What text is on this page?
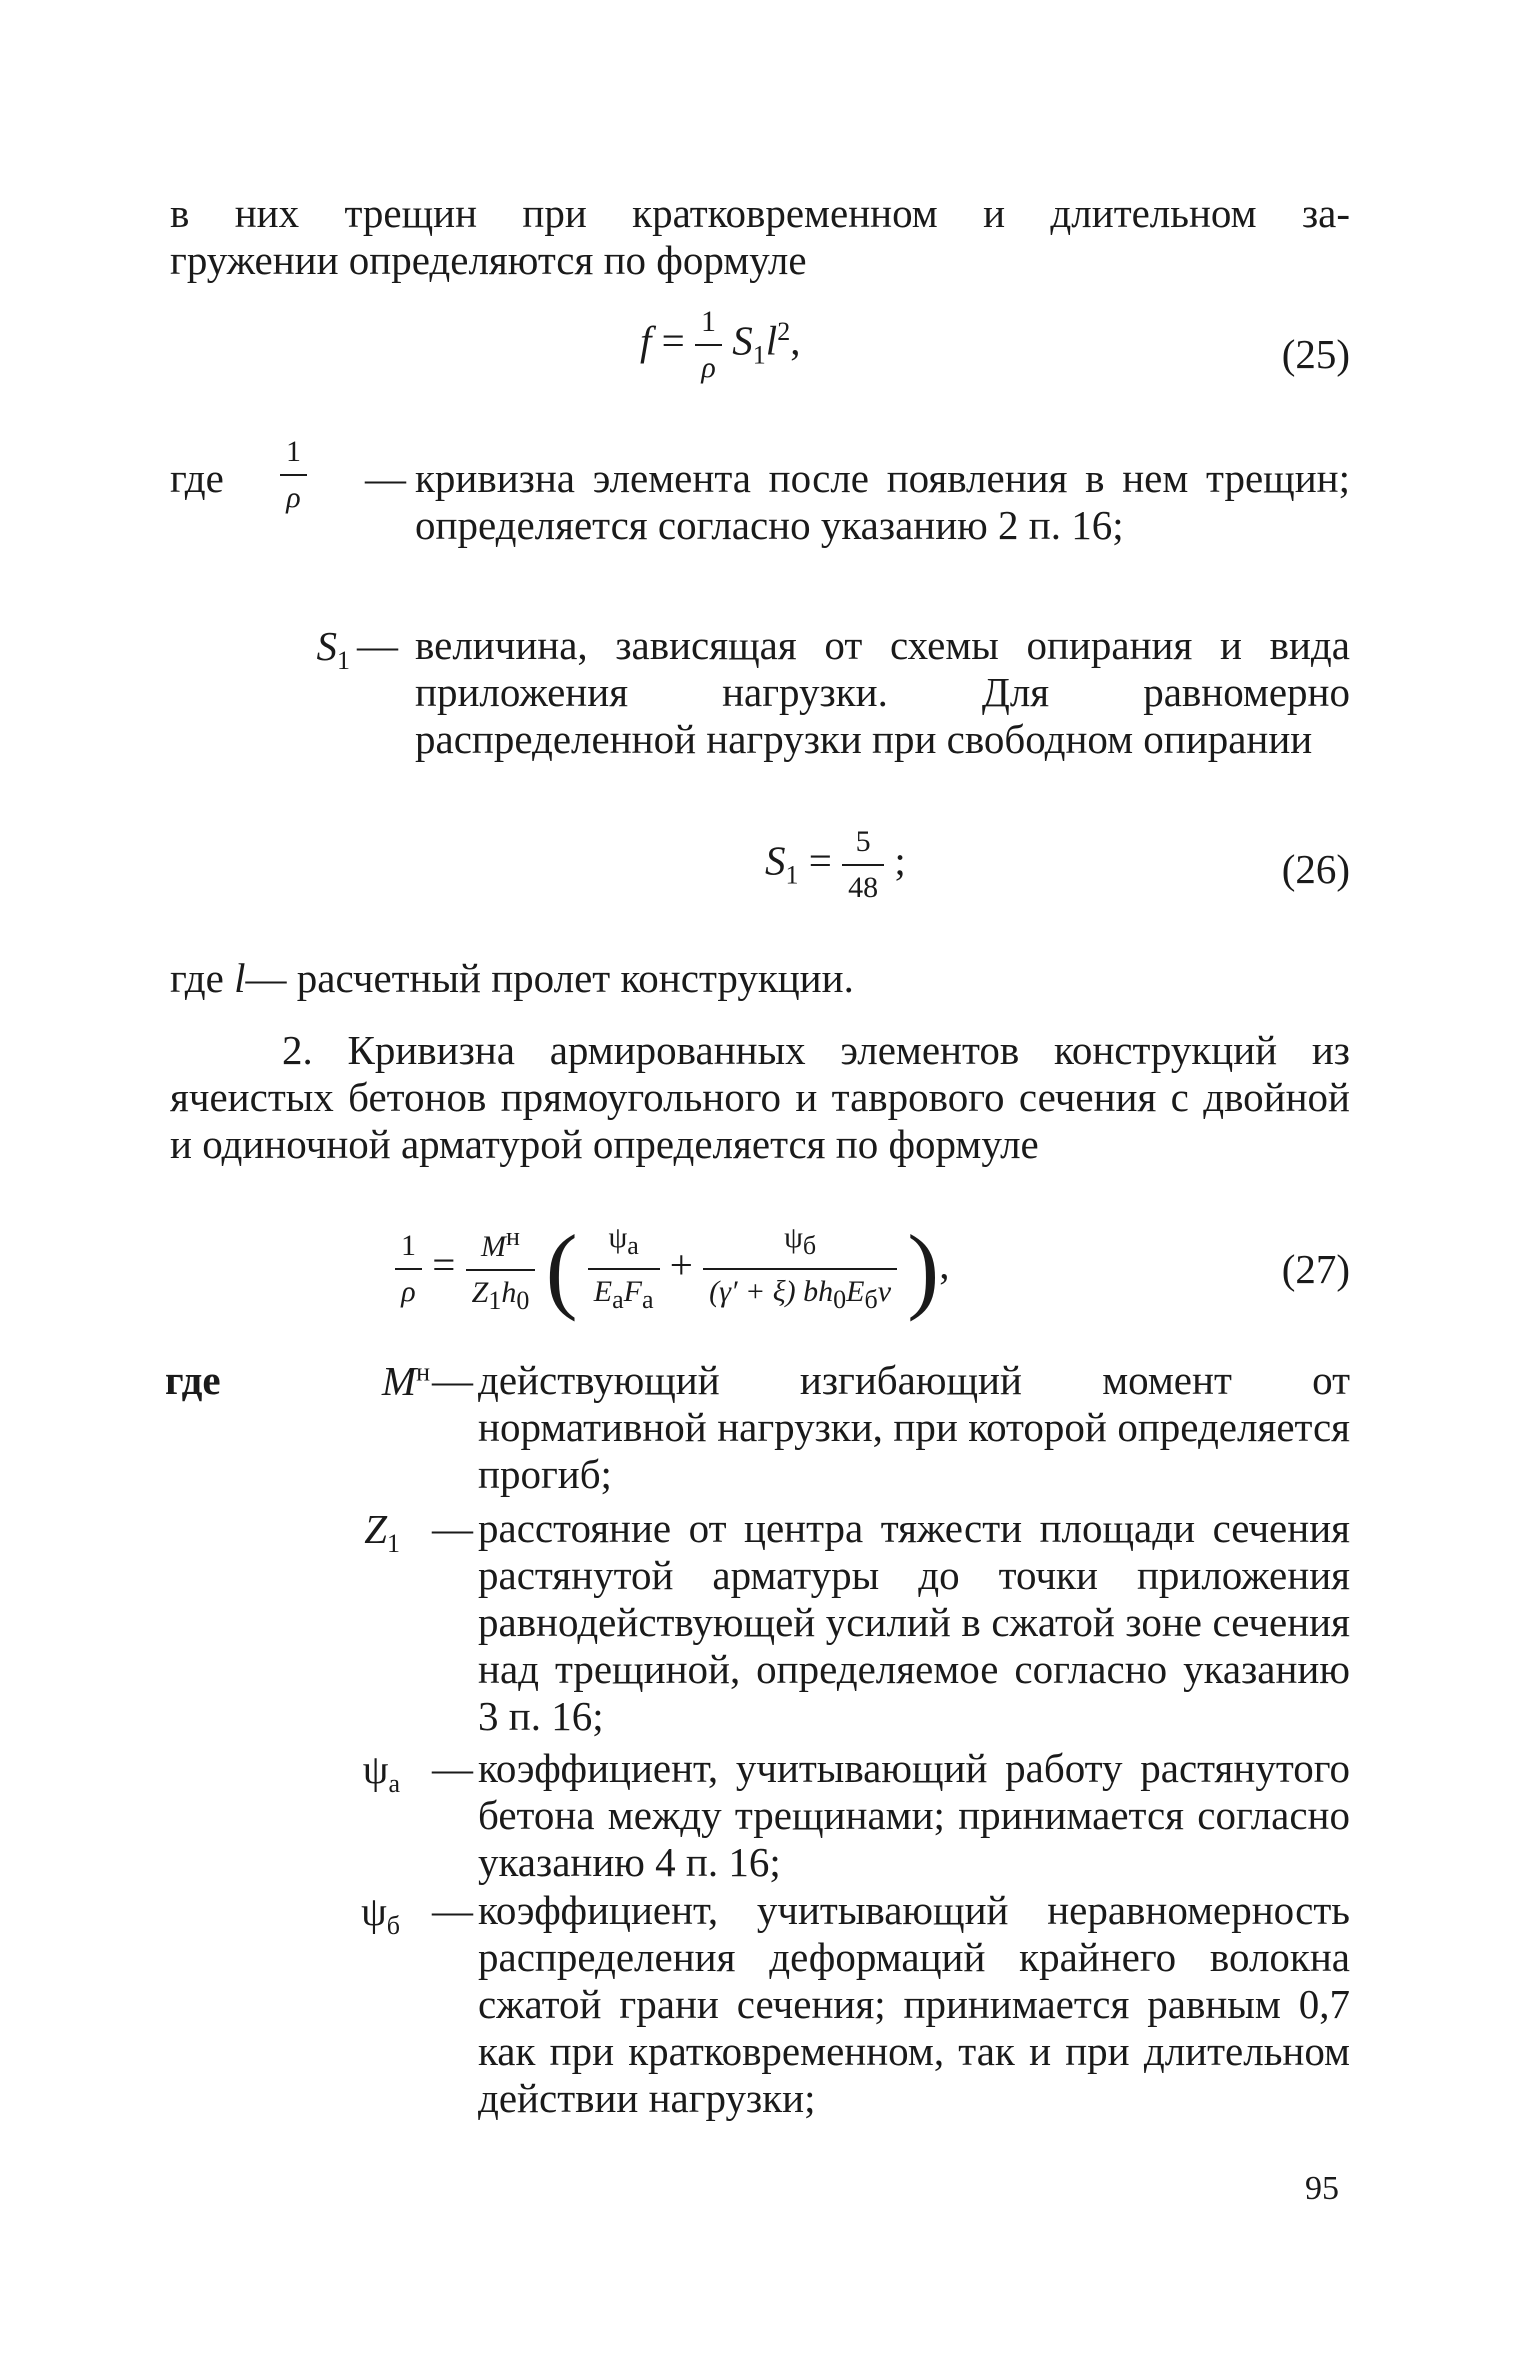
в них трещин при кратковременном и длительном за-
гружении определяются по формуле
$f = \frac{1}{\rho} S_1l^2$,	(25)
где $\frac{1}{\rho}$ — кривизна элемента после появления в нем трещин; определяется согласно указанию 2 п. 16;
$S_1$ — величина, зависящая от схемы опирания и вида приложения нагрузки. Для равномерно распределенной нагрузки при свободном опирании
$S_1 = \frac{5}{48}$ ;	(26)
где l— расчетный пролет конструкции.

2. Кривизна армированных элементов конструкций из ячеистых бетонов прямоугольного и таврового сечения с двойной и одиночной арматурой определяется по формуле

$\frac{1}{\rho} = \frac{M^н}{Z_1h_0}$ ( $\frac{\psi_а}{E_аF_а} + \frac{\psi_б}{(\gamma' + \xi) bh_0E_б\nu}$ ),	(27)
где	$M^н$ — действующий изгибающий момент от нормативной нагрузки, при которой определяется прогиб;
$Z_1$ — расстояние от центра тяжести площади сечения растянутой арматуры до точки приложения равнодействующей усилий в сжатой зоне сечения над трещиной, определяемое согласно указанию 3 п. 16;
$\psi_а$ — коэффициент, учитывающий работу растянутого бетона между трещинами; принимается согласно указанию 4 п. 16;
$\psi_б$ — коэффициент, учитывающий неравномерность распределения деформаций крайнего волокна сжатой грани сечения; принимается равным 0,7 как при кратковременном, так и при длительном действии нагрузки;
95
